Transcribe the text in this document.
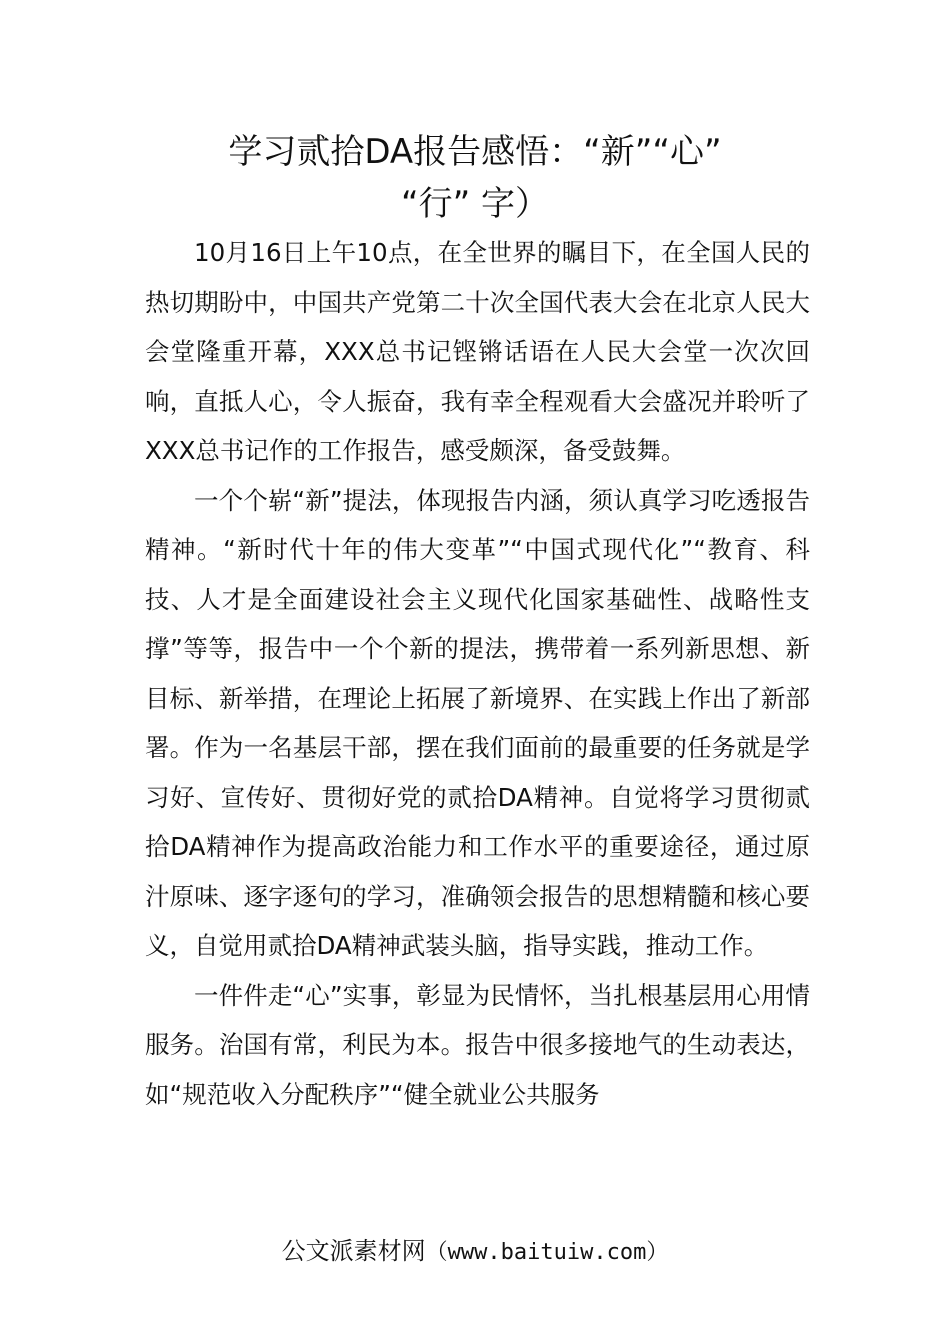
学习贰拾DA报告感悟：“新”“心”
“行” 字）

10月16日上午10点，在全世界的瞩目下，在全国人民的热切期盼中，中国共产党第二十次全国代表大会在北京人民大会堂隆重开幕，XXX总书记铿锵话语在人民大会堂一次次回响，直抵人心，令人振奋，我有幸全程观看大会盛况并聆听了XXX总书记作的工作报告，感受颇深，备受鼓舞。

一个个崭“新”提法，体现报告内涵，须认真学习吃透报告精神。“新时代十年的伟大变革”“中国式现代化”“教育、科技、人才是全面建设社会主义现代化国家基础性、战略性支撑”等等，报告中一个个新的提法，携带着一系列新思想、新目标、新举措，在理论上拓展了新境界、在实践上作出了新部署。作为一名基层干部，摆在我们面前的最重要的任务就是学习好、宣传好、贯彻好党的贰拾DA精神。自觉将学习贯彻贰拾DA精神作为提高政治能力和工作水平的重要途径，通过原汁原味、逐字逐句的学习，准确领会报告的思想精髓和核心要义，自觉用贰拾DA精神武装头脑，指导实践，推动工作。

一件件走“心”实事，彰显为民情怀，当扎根基层用心用情服务。治国有常，利民为本。报告中很多接地气的生动表达，如“规范收入分配秩序”“健全就业公共服务

公文派素材网（www.baituiw.com）
